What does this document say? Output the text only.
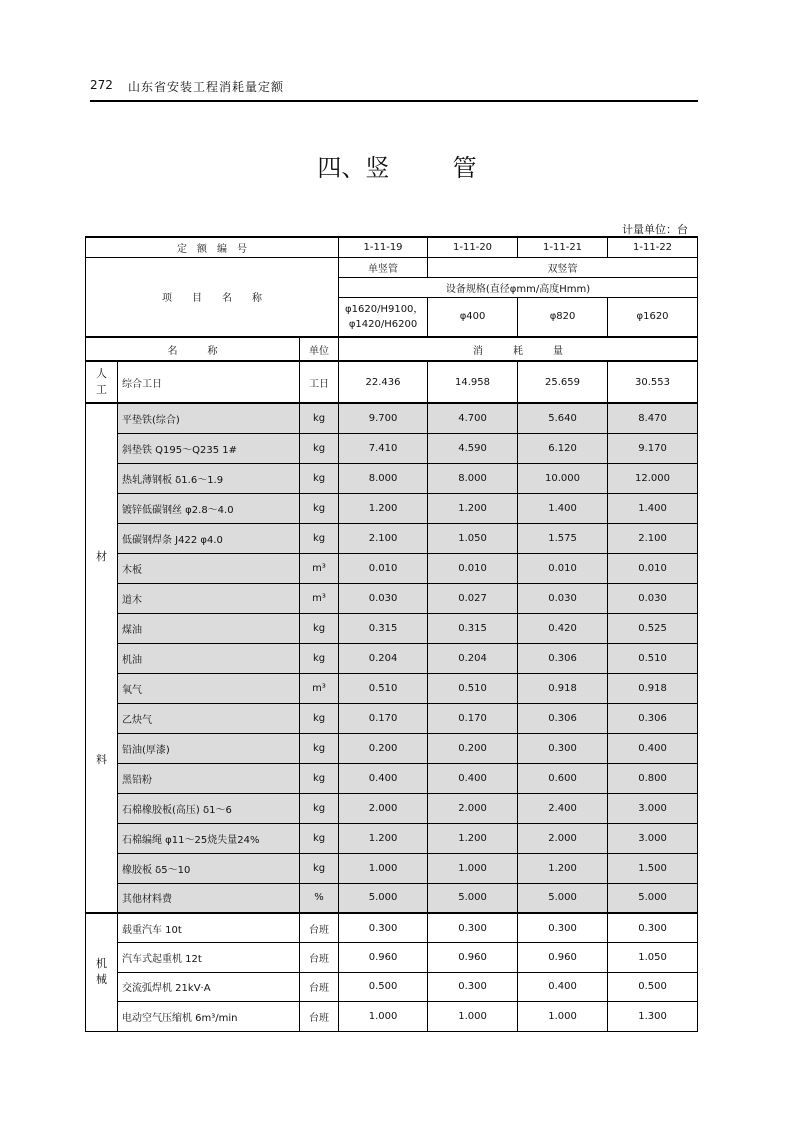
272 山东省安装工程消耗量定额
四、竖	管
计量单位：台
定　额　编　号			1-11-19	1-11-20	1-11-21	1-11-22
项　　目　　名　　称			单竖管	双竖管		
			设备规格(直径φmm/高度Hmm)			
			φ1620/H9100，φ1420/H6200	φ400	φ820	φ1620
名　　　称		单位	消　　　耗　　　量			

人
工	综合工日	工日	22.436	14.958	25.659	30.553

材
料	平垫铁(综合)	kg	9.700	4.700	5.640	8.470
	斜垫铁 Q195～Q235 1#	kg	7.410	4.590	6.120	9.170
	热轧薄钢板 δ1.6～1.9	kg	8.000	8.000	10.000	12.000
	镀锌低碳钢丝 φ2.8～4.0	kg	1.200	1.200	1.400	1.400
	低碳钢焊条 J422 φ4.0	kg	2.100	1.050	1.575	2.100
	木板	m³	0.010	0.010	0.010	0.010
	道木	m³	0.030	0.027	0.030	0.030
	煤油	kg	0.315	0.315	0.420	0.525
	机油	kg	0.204	0.204	0.306	0.510
	氧气	m³	0.510	0.510	0.918	0.918
	乙炔气	kg	0.170	0.170	0.306	0.306
	铅油(厚漆)	kg	0.200	0.200	0.300	0.400
	黑铅粉	kg	0.400	0.400	0.600	0.800
	石棉橡胶板(高压) δ1～6	kg	2.000	2.000	2.400	3.000
	石棉编绳 φ11～25烧失量24%	kg	1.200	1.200	2.000	3.000
	橡胶板 δ5～10	kg	1.000	1.000	1.200	1.500
	其他材料费	%	5.000	5.000	5.000	5.000

机
械	载重汽车 10t	台班	0.300	0.300	0.300	0.300
	汽车式起重机 12t	台班	0.960	0.960	0.960	1.050
	交流弧焊机 21kV·A	台班	0.500	0.300	0.400	0.500
	电动空气压缩机 6m³/min	台班	1.000	1.000	1.000	1.300
